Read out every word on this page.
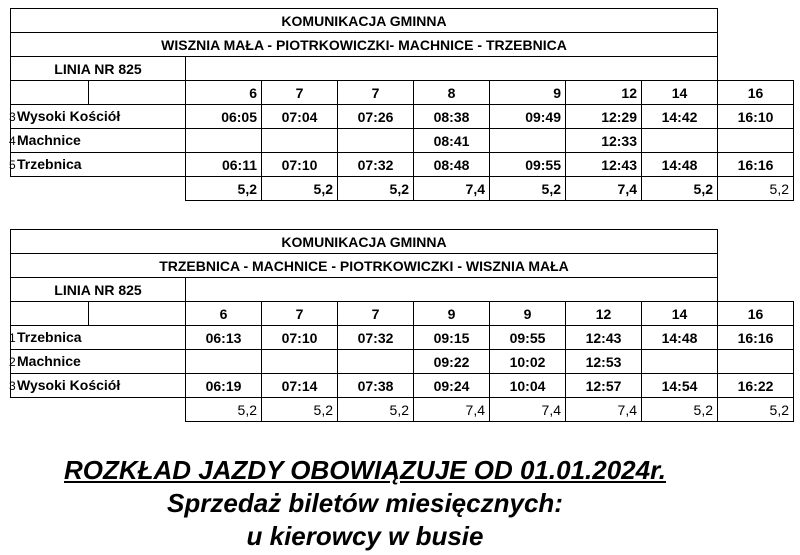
KOMUNIKACJA GMINNA									
WISZNIA MAŁA - PIOTRKOWICZKI- MACHNICE - TRZEBNICA									
LINIA NR 825									
		6	7	7	8	9	12	14	16
3Wysoki Kościół		06:05	07:04	07:26	08:38	09:49	12:29	14:42	16:10
4Machnice					08:41		12:33		
5Trzebnica		06:11	07:10	07:32	08:48	09:55	12:43	14:48	16:16
		5,2	5,2	5,2	7,4	5,2	7,4	5,2	5,2
KOMUNIKACJA GMINNA									
TRZEBNICA - MACHNICE - PIOTRKOWICZKI - WISZNIA MAŁA									
LINIA NR 825									
		6	7	7	9	9	12	14	16
1Trzebnica		06:13	07:10	07:32	09:15	09:55	12:43	14:48	16:16
2Machnice					09:22	10:02	12:53		
3Wysoki Kościół		06:19	07:14	07:38	09:24	10:04	12:57	14:54	16:22
		5,2	5,2	5,2	7,4	7,4	7,4	5,2	5,2
ROZKŁAD JAZDY OBOWIĄZUJE OD 01.01.2024r.
Sprzedaż biletów miesięcznych:
u kierowcy w busie
